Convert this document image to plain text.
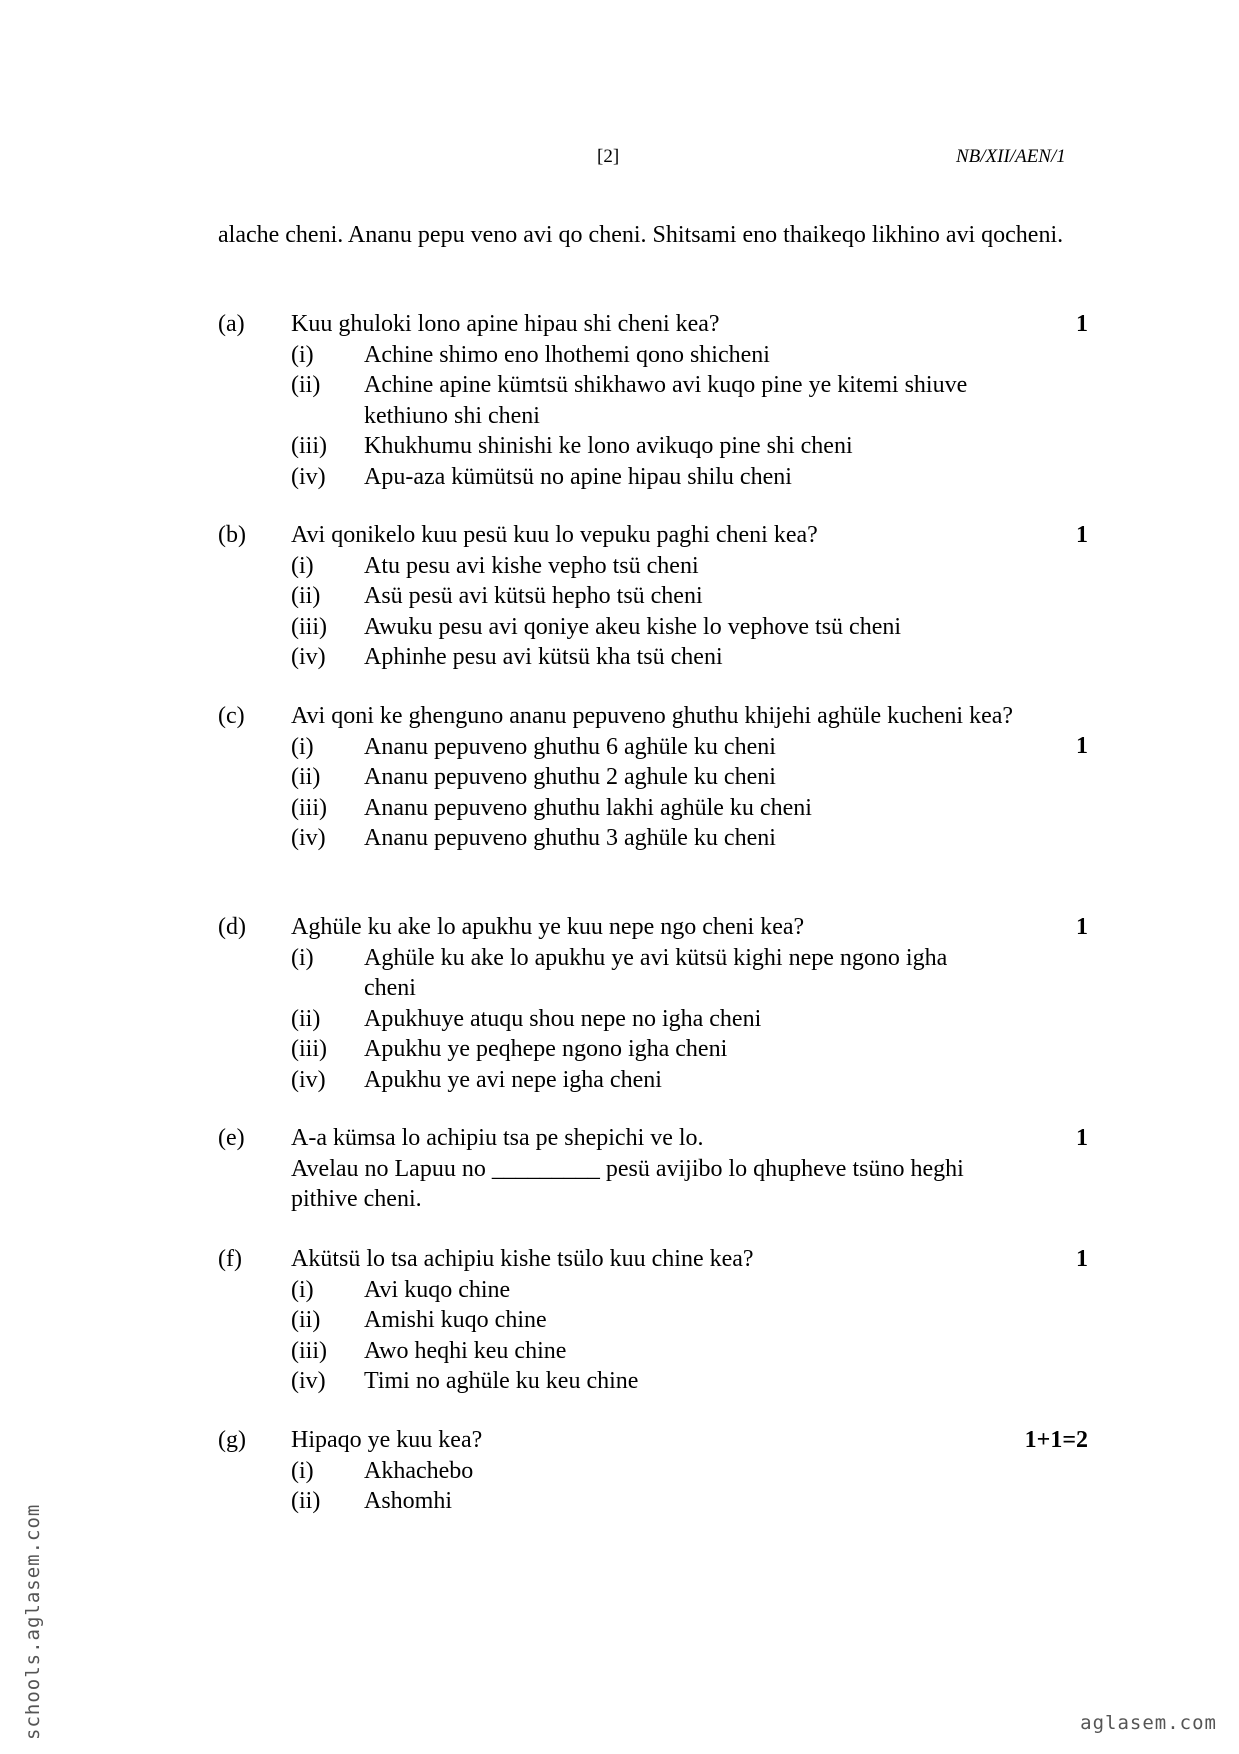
[2]	NB/XII/AEN/1
alache cheni. Ananu pepu veno avi qo cheni. Shitsami eno thaikeqo likhino avi qocheni.
(a) Kuu ghuloki lono apine hipau shi cheni kea?	1
(i) Achine shimo eno lhothemi qono shicheni
(ii) Achine apine kümtsü shikhawo avi kuqo pine ye kitemi shiuve kethiuno shi cheni
(iii) Khukhumu shinishi ke lono avikuqo pine shi cheni
(iv) Apu-aza kümütsü no apine hipau shilu cheni
(b) Avi qonikelo kuu pesü kuu lo vepuku paghi cheni kea?	1
(i) Atu pesu avi kishe vepho tsü cheni
(ii) Asü pesü avi kütsü hepho tsü cheni
(iii) Awuku pesu avi qoniye akeu kishe lo vephove tsü cheni
(iv) Aphinhe pesu avi kütsü kha tsü cheni
(c) Avi qoni ke ghenguno ananu pepuveno ghuthu khijehi aghüle kucheni kea?
1
(i) Ananu pepuveno ghuthu 6 aghüle ku cheni
(ii) Ananu pepuveno ghuthu 2 aghule ku cheni
(iii) Ananu pepuveno ghuthu lakhi aghüle ku cheni
(iv) Ananu pepuveno ghuthu 3 aghüle ku cheni
(d) Aghüle ku ake lo apukhu ye kuu nepe ngo cheni kea?	1
(i) Aghüle ku ake lo apukhu ye avi kütsü kighi nepe ngono igha cheni
(ii) Apukhuye atuqu shou nepe no igha cheni
(iii) Apukhu ye peqhepe ngono igha cheni
(iv) Apukhu ye avi nepe igha cheni
(e) A-a kümsa lo achipiu tsa pe shepichi ve lo.	1
Avelau no Lapuu no _________ pesü avijibo lo qhupheve tsüno heghi pithive cheni.
(f) Akütsü lo tsa achipiu kishe tsülo kuu chine kea?	1
(i) Avi kuqo chine
(ii) Amishi kuqo chine
(iii) Awo heqhi keu chine
(iv) Timi no aghüle ku keu chine
(g) Hipaqo ye kuu kea?	1+1=2
(i) Akhachebo
(ii) Ashomhi
schools.aglasem.com	aglasem.com
